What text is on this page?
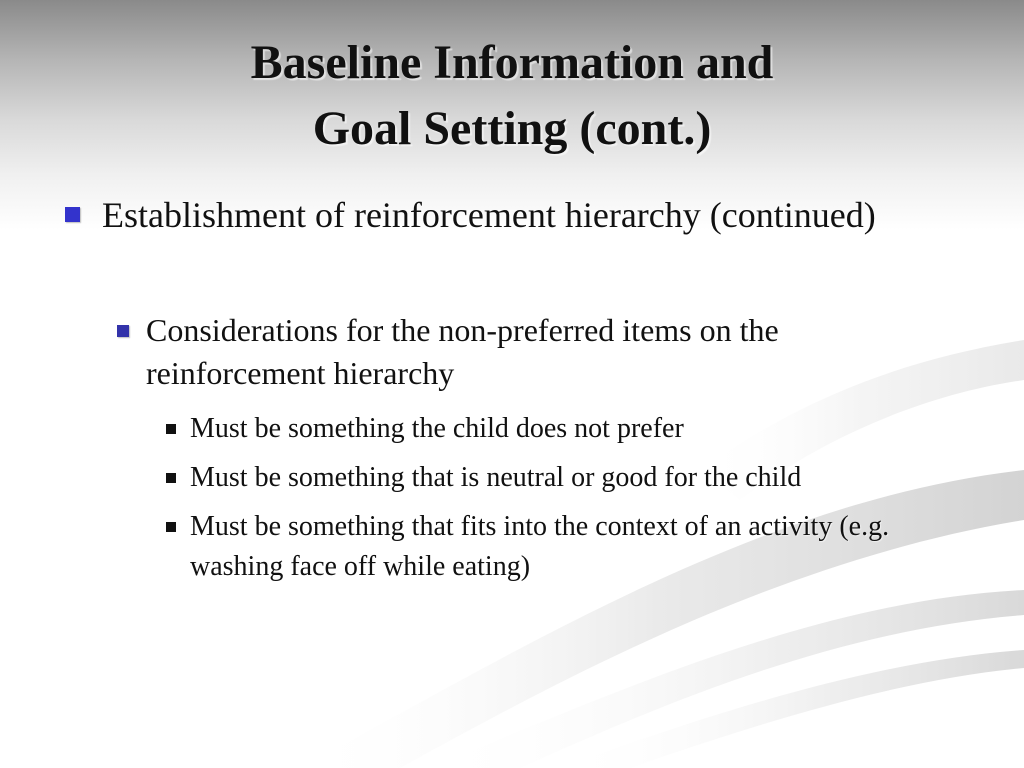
Baseline Information and
Goal Setting (cont.)
Establishment of reinforcement hierarchy (continued)
Considerations for the non-preferred items on the reinforcement hierarchy
Must be something the child does not prefer
Must be something that is neutral or good for the child
Must be something that fits into the context of an activity (e.g. washing face off while eating)
